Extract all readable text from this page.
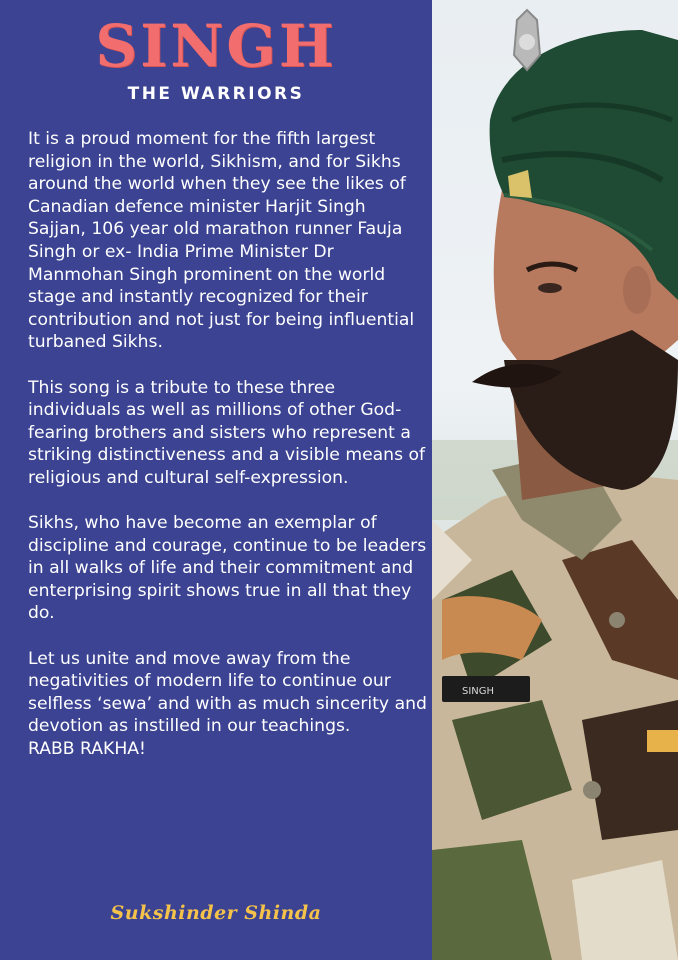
SINGH
THE WARRIORS

It is a proud moment for the fifth largest religion in the world, Sikhism, and for Sikhs around the world when they see the likes of Canadian defence minister Harjit Singh Sajjan, 106 year old marathon runner Fauja Singh or ex- India Prime Minister Dr Manmohan Singh prominent on the world stage and instantly recognized for their contribution and not just for being influential turbaned Sikhs.

This song is a tribute to these three individuals as well as millions of other God-fearing brothers and sisters who represent a striking distinctiveness and a visible means of religious and cultural self-expression.

Sikhs, who have become an exemplar of discipline and courage, continue to be leaders in all walks of life and their commitment and enterprising spirit shows true in all that they do.

Let us unite and move away from the negativities of modern life to continue our selfless ‘sewa’ and with as much sincerity and devotion as instilled in our teachings.

RABB RAKHA!

Sukshinder Shinda
SINGH
